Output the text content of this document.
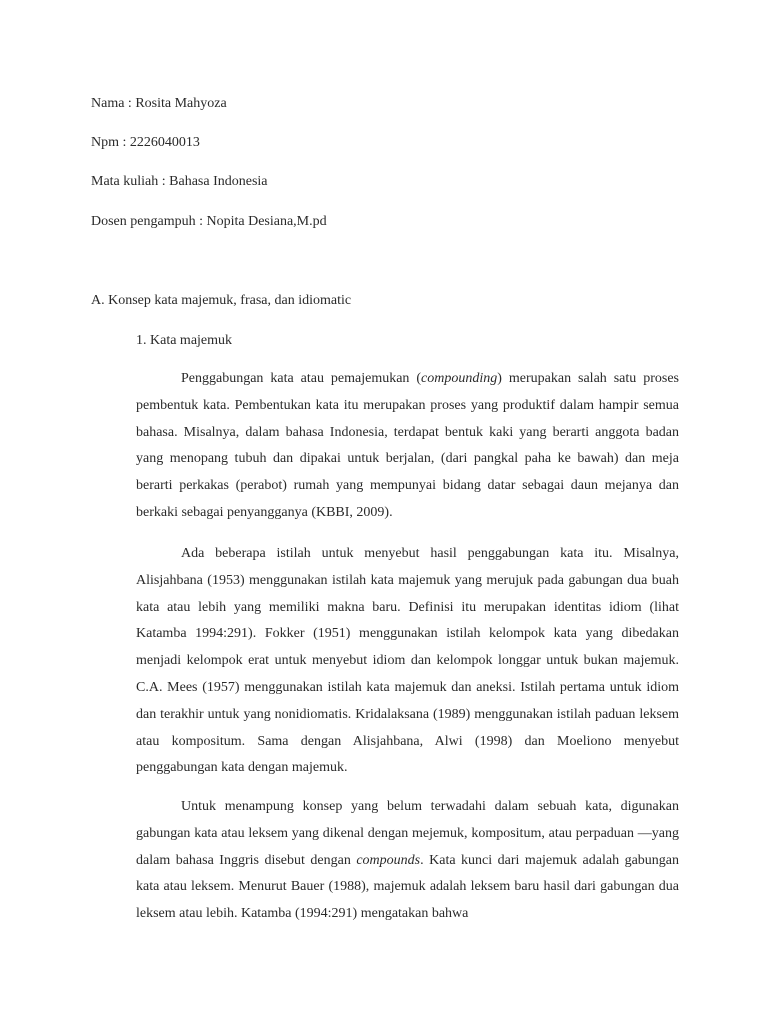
Nama : Rosita Mahyoza
Npm : 2226040013
Mata kuliah : Bahasa Indonesia
Dosen pengampuh : Nopita Desiana,M.pd
A. Konsep kata majemuk, frasa, dan idiomatic
1. Kata majemuk

Penggabungan kata atau pemajemukan (compounding) merupakan salah satu proses pembentuk kata. Pembentukan kata itu merupakan proses yang produktif dalam hampir semua bahasa. Misalnya, dalam bahasa Indonesia, terdapat bentuk kaki yang berarti anggota badan yang menopang tubuh dan dipakai untuk berjalan, (dari pangkal paha ke bawah) dan meja berarti perkakas (perabot) rumah yang mempunyai bidang datar sebagai daun mejanya dan berkaki sebagai penyangganya (KBBI, 2009).

Ada beberapa istilah untuk menyebut hasil penggabungan kata itu. Misalnya, Alisjahbana (1953) menggunakan istilah kata majemuk yang merujuk pada gabungan dua buah kata atau lebih yang memiliki makna baru. Definisi itu merupakan identitas idiom (lihat Katamba 1994:291). Fokker (1951) menggunakan istilah kelompok kata yang dibedakan menjadi kelompok erat untuk menyebut idiom dan kelompok longgar untuk bukan majemuk. C.A. Mees (1957) menggunakan istilah kata majemuk dan aneksi. Istilah pertama untuk idiom dan terakhir untuk yang nonidiomatis. Kridalaksana (1989) menggunakan istilah paduan leksem atau kompositum. Sama dengan Alisjahbana, Alwi (1998) dan Moeliono menyebut penggabungan kata dengan majemuk.

Untuk menampung konsep yang belum terwadahi dalam sebuah kata, digunakan gabungan kata atau leksem yang dikenal dengan mejemuk, kompositum, atau perpaduan —yang dalam bahasa Inggris disebut dengan compounds. Kata kunci dari majemuk adalah gabungan kata atau leksem. Menurut Bauer (1988), majemuk adalah leksem baru hasil dari gabungan dua leksem atau lebih. Katamba (1994:291) mengatakan bahwa
